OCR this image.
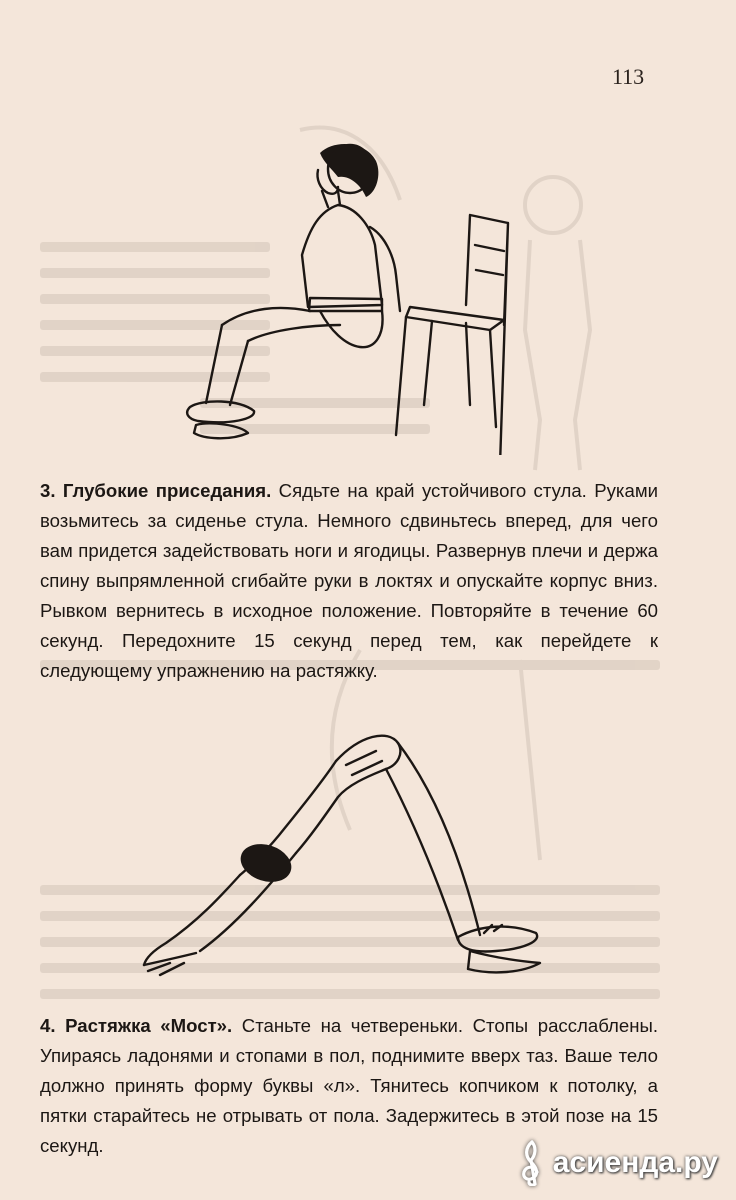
113

3. Глубокие приседания. Сядьте на край устойчивого стула. Руками возьмитесь за сиденье стула. Немного сдвиньтесь вперед, для чего вам придется задействовать ноги и ягодицы. Развернув плечи и держа спину выпрямленной сгибайте руки в локтях и опускайте корпус вниз. Рывком вернитесь в исходное положение. Повторяйте в течение 60 секунд. Передохните 15 секунд перед тем, как перейдете к следующему упражнению на растяжку.

4. Растяжка «Мост». Станьте на четвереньки. Стопы расслаблены. Упираясь ладонями и стопами в пол, поднимите вверх таз. Ваше тело должно принять форму буквы «л». Тянитесь копчиком к потолку, а пятки старайтесь не отрывать от пола. Задержитесь в этой позе на 15 секунд.

асиенда.ру
